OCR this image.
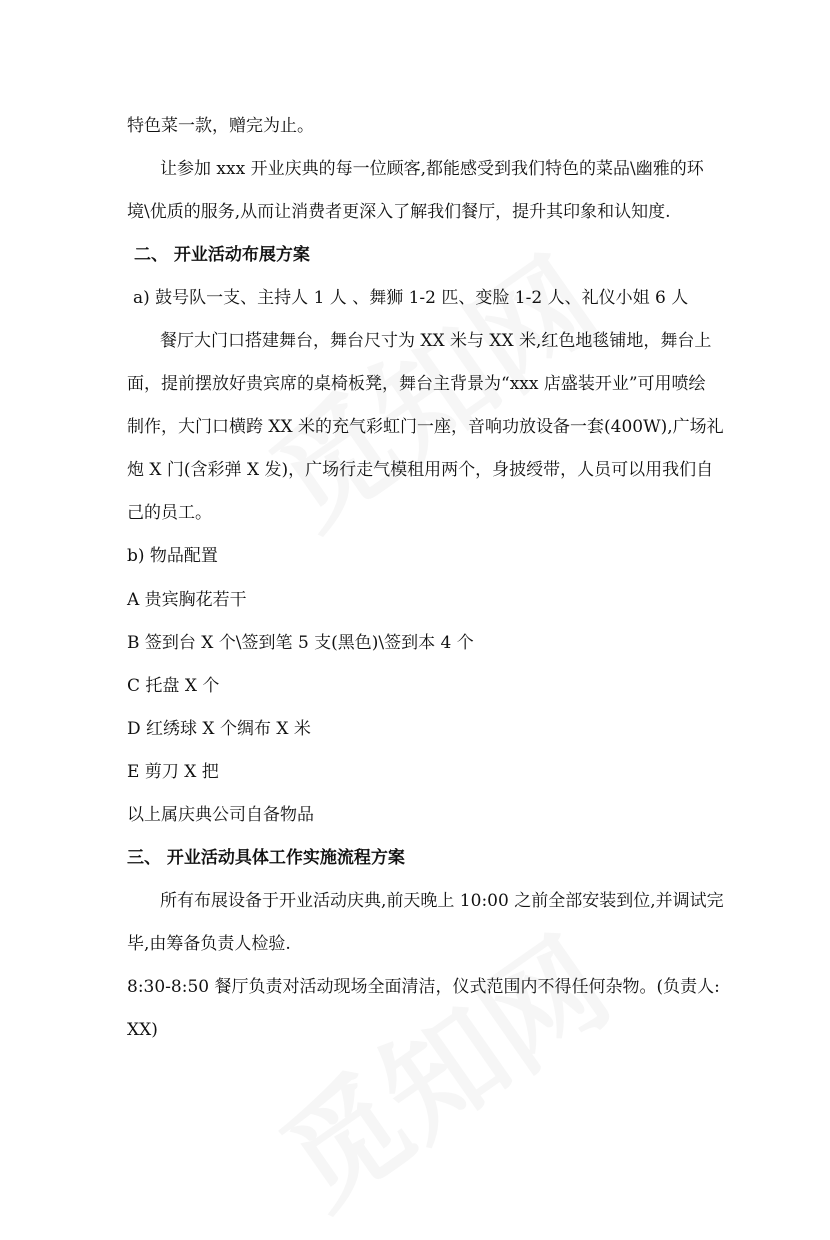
特色菜一款，赠完为止。
让参加 xxx 开业庆典的每一位顾客,都能感受到我们特色的菜品\幽雅的环
境\优质的服务,从而让消费者更深入了解我们餐厅，提升其印象和认知度.
二、 开业活动布展方案
a) 鼓号队一支、主持人 1 人 、舞狮 1-2 匹、变脸 1-2 人、礼仪小姐 6 人
餐厅大门口搭建舞台，舞台尺寸为 XX 米与 XX 米,红色地毯铺地，舞台上
面，提前摆放好贵宾席的桌椅板凳，舞台主背景为“xxx 店盛装开业”可用喷绘
制作，大门口横跨 XX 米的充气彩虹门一座，音响功放设备一套(400W),广场礼
炮 X 门(含彩弹 X 发)，广场行走气模租用两个，身披绶带，人员可以用我们自
己的员工。
b) 物品配置
A 贵宾胸花若干
B 签到台 X 个\签到笔 5 支(黑色)\签到本 4 个
C 托盘 X 个
D 红绣球 X 个绸布 X 米
E 剪刀 X 把
以上属庆典公司自备物品
三、 开业活动具体工作实施流程方案
所有布展设备于开业活动庆典,前天晚上 10:00 之前全部安装到位,并调试完
毕,由筹备负责人检验.
8:30-8:50 餐厅负责对活动现场全面清洁，仪式范围内不得任何杂物。(负责人:
XX)
